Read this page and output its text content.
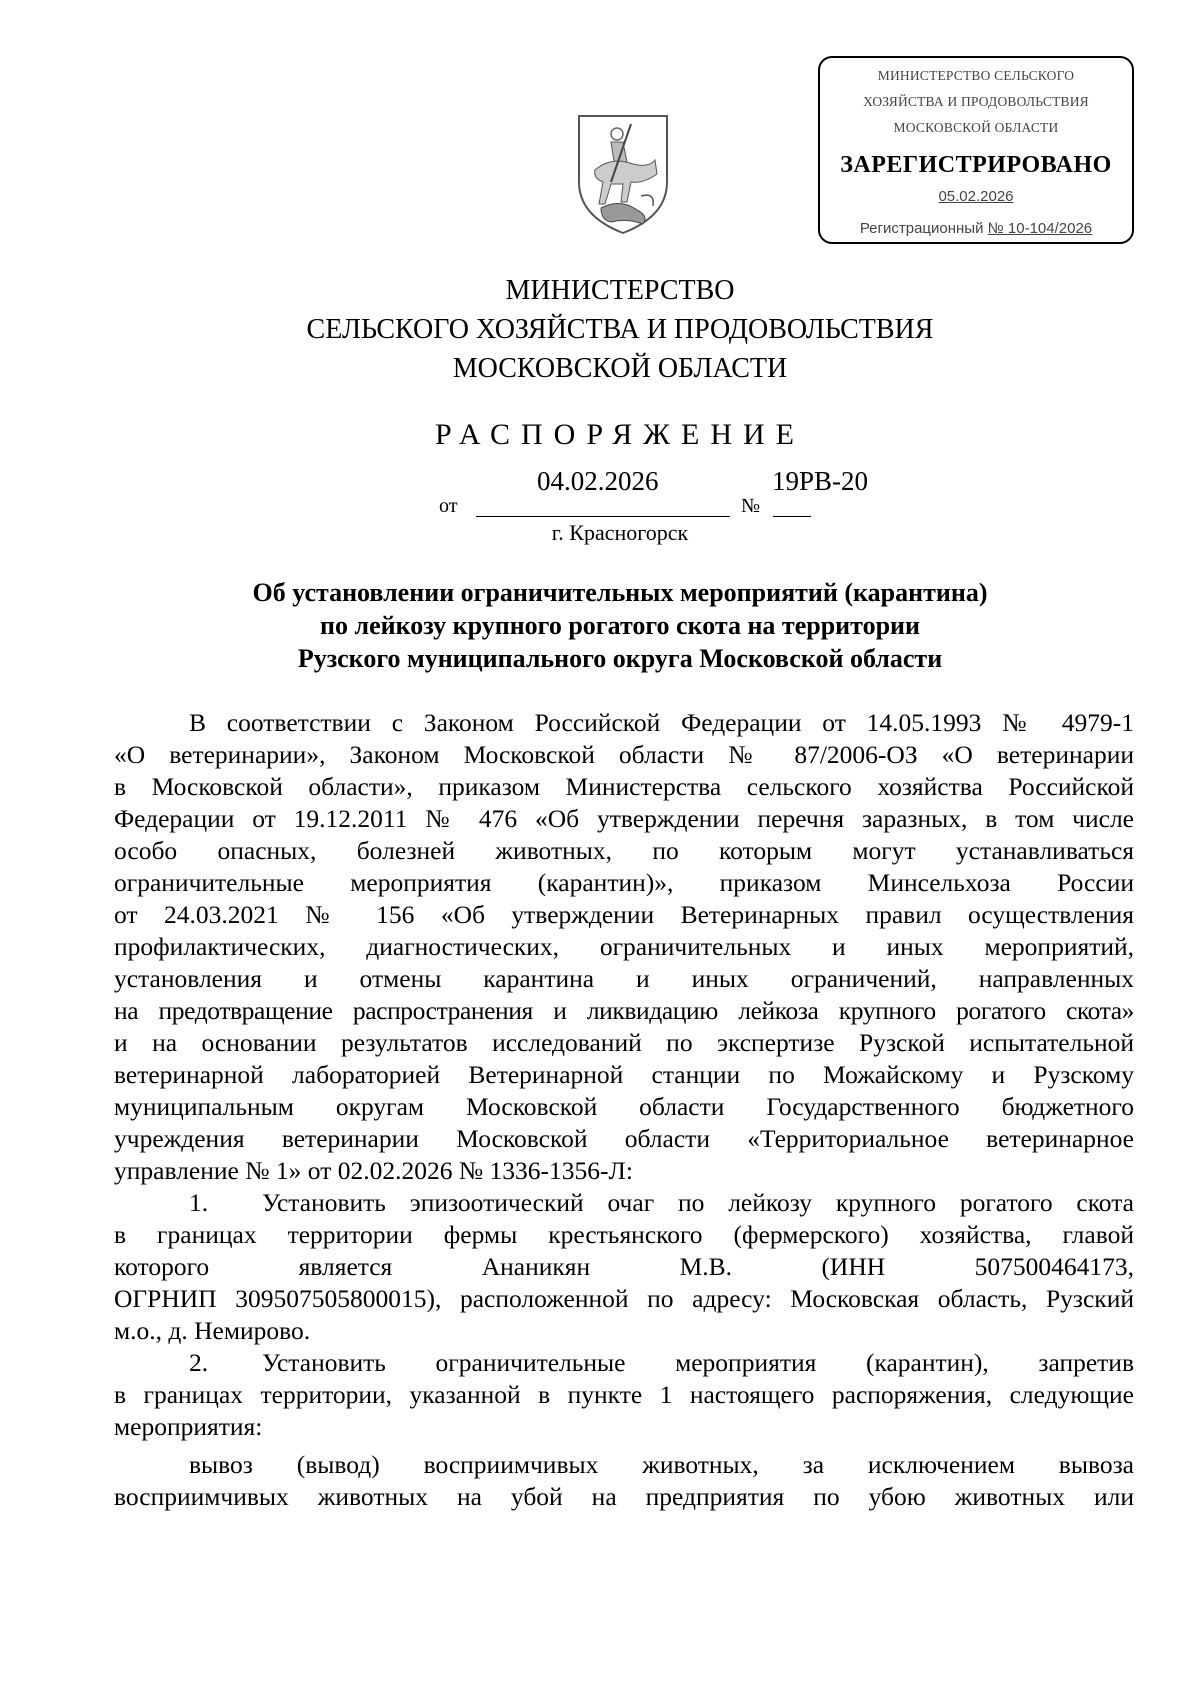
МИНИСТЕРСТВО СЕЛЬСКОГО
ХОЗЯЙСТВА И ПРОДОВОЛЬСТВИЯ
МОСКОВСКОЙ ОБЛАСТИ
ЗАРЕГИСТРИРОВАНО
05.02.2026
Регистрационный № 10-104/2026
МИНИСТЕРСТВО
СЕЛЬСКОГО ХОЗЯЙСТВА И ПРОДОВОЛЬСТВИЯ
МОСКОВСКОЙ ОБЛАСТИ
РАСПОРЯЖЕНИЕ
от
04.02.2026
№
19РВ-20
г. Красногорск
Об установлении ограничительных мероприятий (карантина)
по лейкозу крупного рогатого скота на территории
Рузского муниципального округа Московской области
В соответствии с Законом Российской Федерации от 14.05.1993 № 4979-1
«О ветеринарии», Законом Московской области № 87/2006-ОЗ «О ветеринарии
в Московской области», приказом Министерства сельского хозяйства Российской
Федерации от 19.12.2011 № 476 «Об утверждении перечня заразных, в том числе
особо опасных, болезней животных, по которым могут устанавливаться
ограничительные мероприятия (карантин)», приказом Минсельхоза России
от 24.03.2021 № 156 «Об утверждении Ветеринарных правил осуществления
профилактических, диагностических, ограничительных и иных мероприятий,
установления и отмены карантина и иных ограничений, направленных
на предотвращение распространения и ликвидацию лейкоза крупного рогатого скота»
и на основании результатов исследований по экспертизе Рузской испытательной
ветеринарной лабораторией Ветеринарной станции по Можайскому и Рузскому
муниципальным округам Московской области Государственного бюджетного
учреждения ветеринарии Московской области «Территориальное ветеринарное
управление № 1» от 02.02.2026 № 1336-1356-Л:
1.	Установить эпизоотический очаг по лейкозу крупного рогатого скота
в границах территории фермы крестьянского (фермерского) хозяйства, главой
которого является Ананикян М.В. (ИНН 507500464173,
ОГРНИП 309507505800015), расположенной по адресу: Московская область, Рузский
м.о., д. Немирово.
2.	Установить ограничительные мероприятия (карантин), запретив
в границах территории, указанной в пункте 1 настоящего распоряжения, следующие
мероприятия:
вывоз (вывод) восприимчивых животных, за исключением вывоза
восприимчивых животных на убой на предприятия по убою животных или
